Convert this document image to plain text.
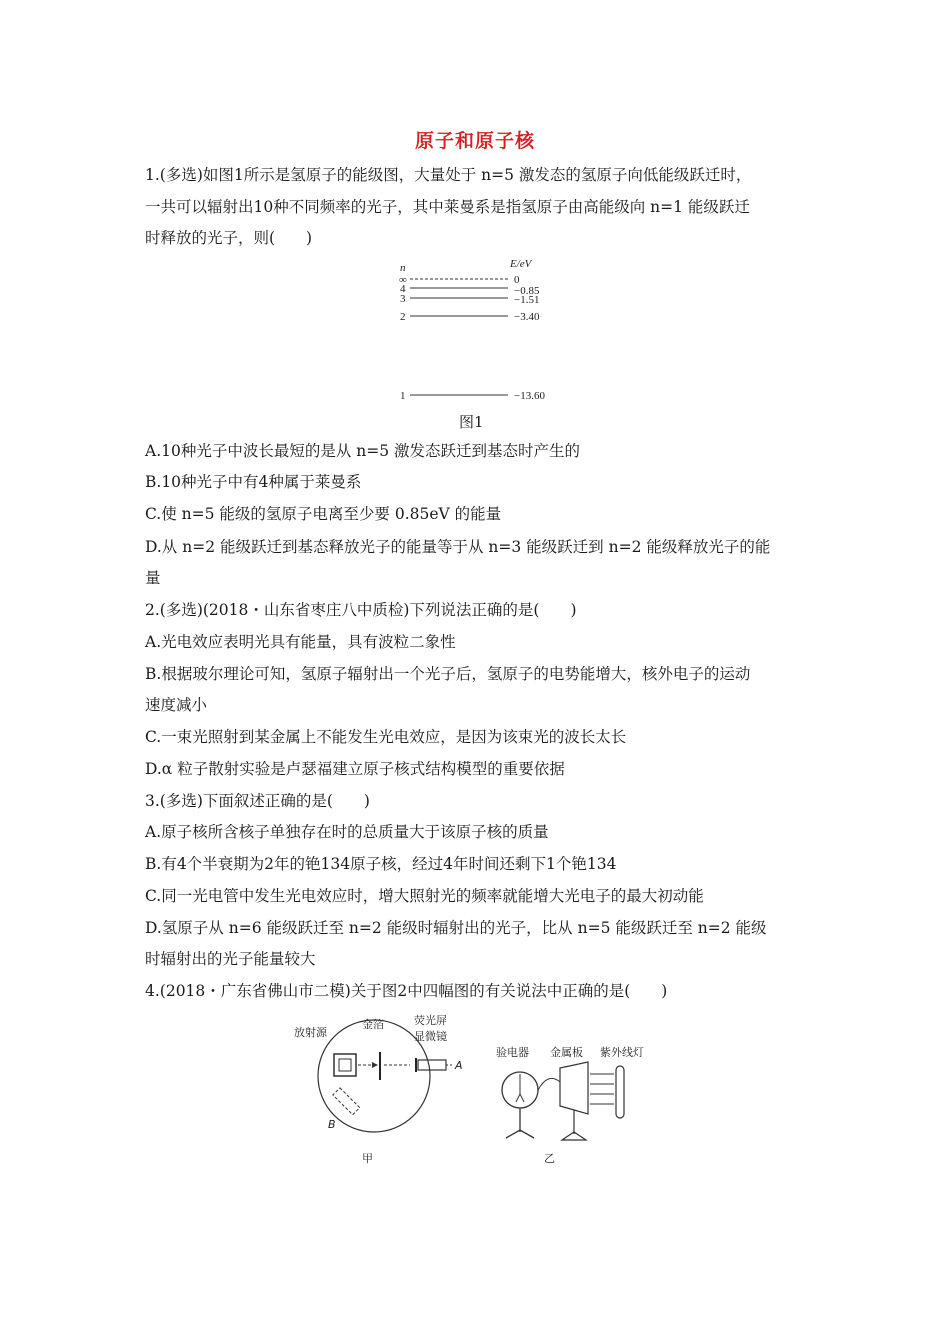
原子和原子核
1.(多选)如图1所示是氢原子的能级图，大量处于 n=5 激发态的氢原子向低能级跃迁时，
一共可以辐射出10种不同频率的光子，其中莱曼系是指氢原子由高能级向 n=1 能级跃迁
时释放的光子，则(　　)
n	E/eV
∞	0
4	−0.85
3	−1.51
2	−3.40
1	−13.60
图1
A.10种光子中波长最短的是从 n=5 激发态跃迁到基态时产生的
B.10种光子中有4种属于莱曼系
C.使 n=5 能级的氢原子电离至少要 0.85eV 的能量
D.从 n=2 能级跃迁到基态释放光子的能量等于从 n=3 能级跃迁到 n=2 能级释放光子的能
量
2.(多选)(2018・山东省枣庄八中质检)下列说法正确的是(　　)
A.光电效应表明光具有能量，具有波粒二象性
B.根据玻尔理论可知，氢原子辐射出一个光子后，氢原子的电势能增大，核外电子的运动
速度减小
C.一束光照射到某金属上不能发生光电效应，是因为该束光的波长太长
D.α 粒子散射实验是卢瑟福建立原子核式结构模型的重要依据
3.(多选)下面叙述正确的是(　　)
A.原子核所含核子单独存在时的总质量大于该原子核的质量
B.有4个半衰期为2年的铯134原子核，经过4年时间还剩下1个铯134
C.同一光电管中发生光电效应时，增大照射光的频率就能增大光电子的最大初动能
D.氢原子从 n=6 能级跃迁至 n=2 能级时辐射出的光子，比从 n=5 能级跃迁至 n=2 能级
时辐射出的光子能量较大
4.(2018・广东省佛山市二模)关于图2中四幅图的有关说法中正确的是(　　)
放射源
金箔	荧光屏
显微镜
A
B
甲
验电器 金属板 紫外线灯
乙
